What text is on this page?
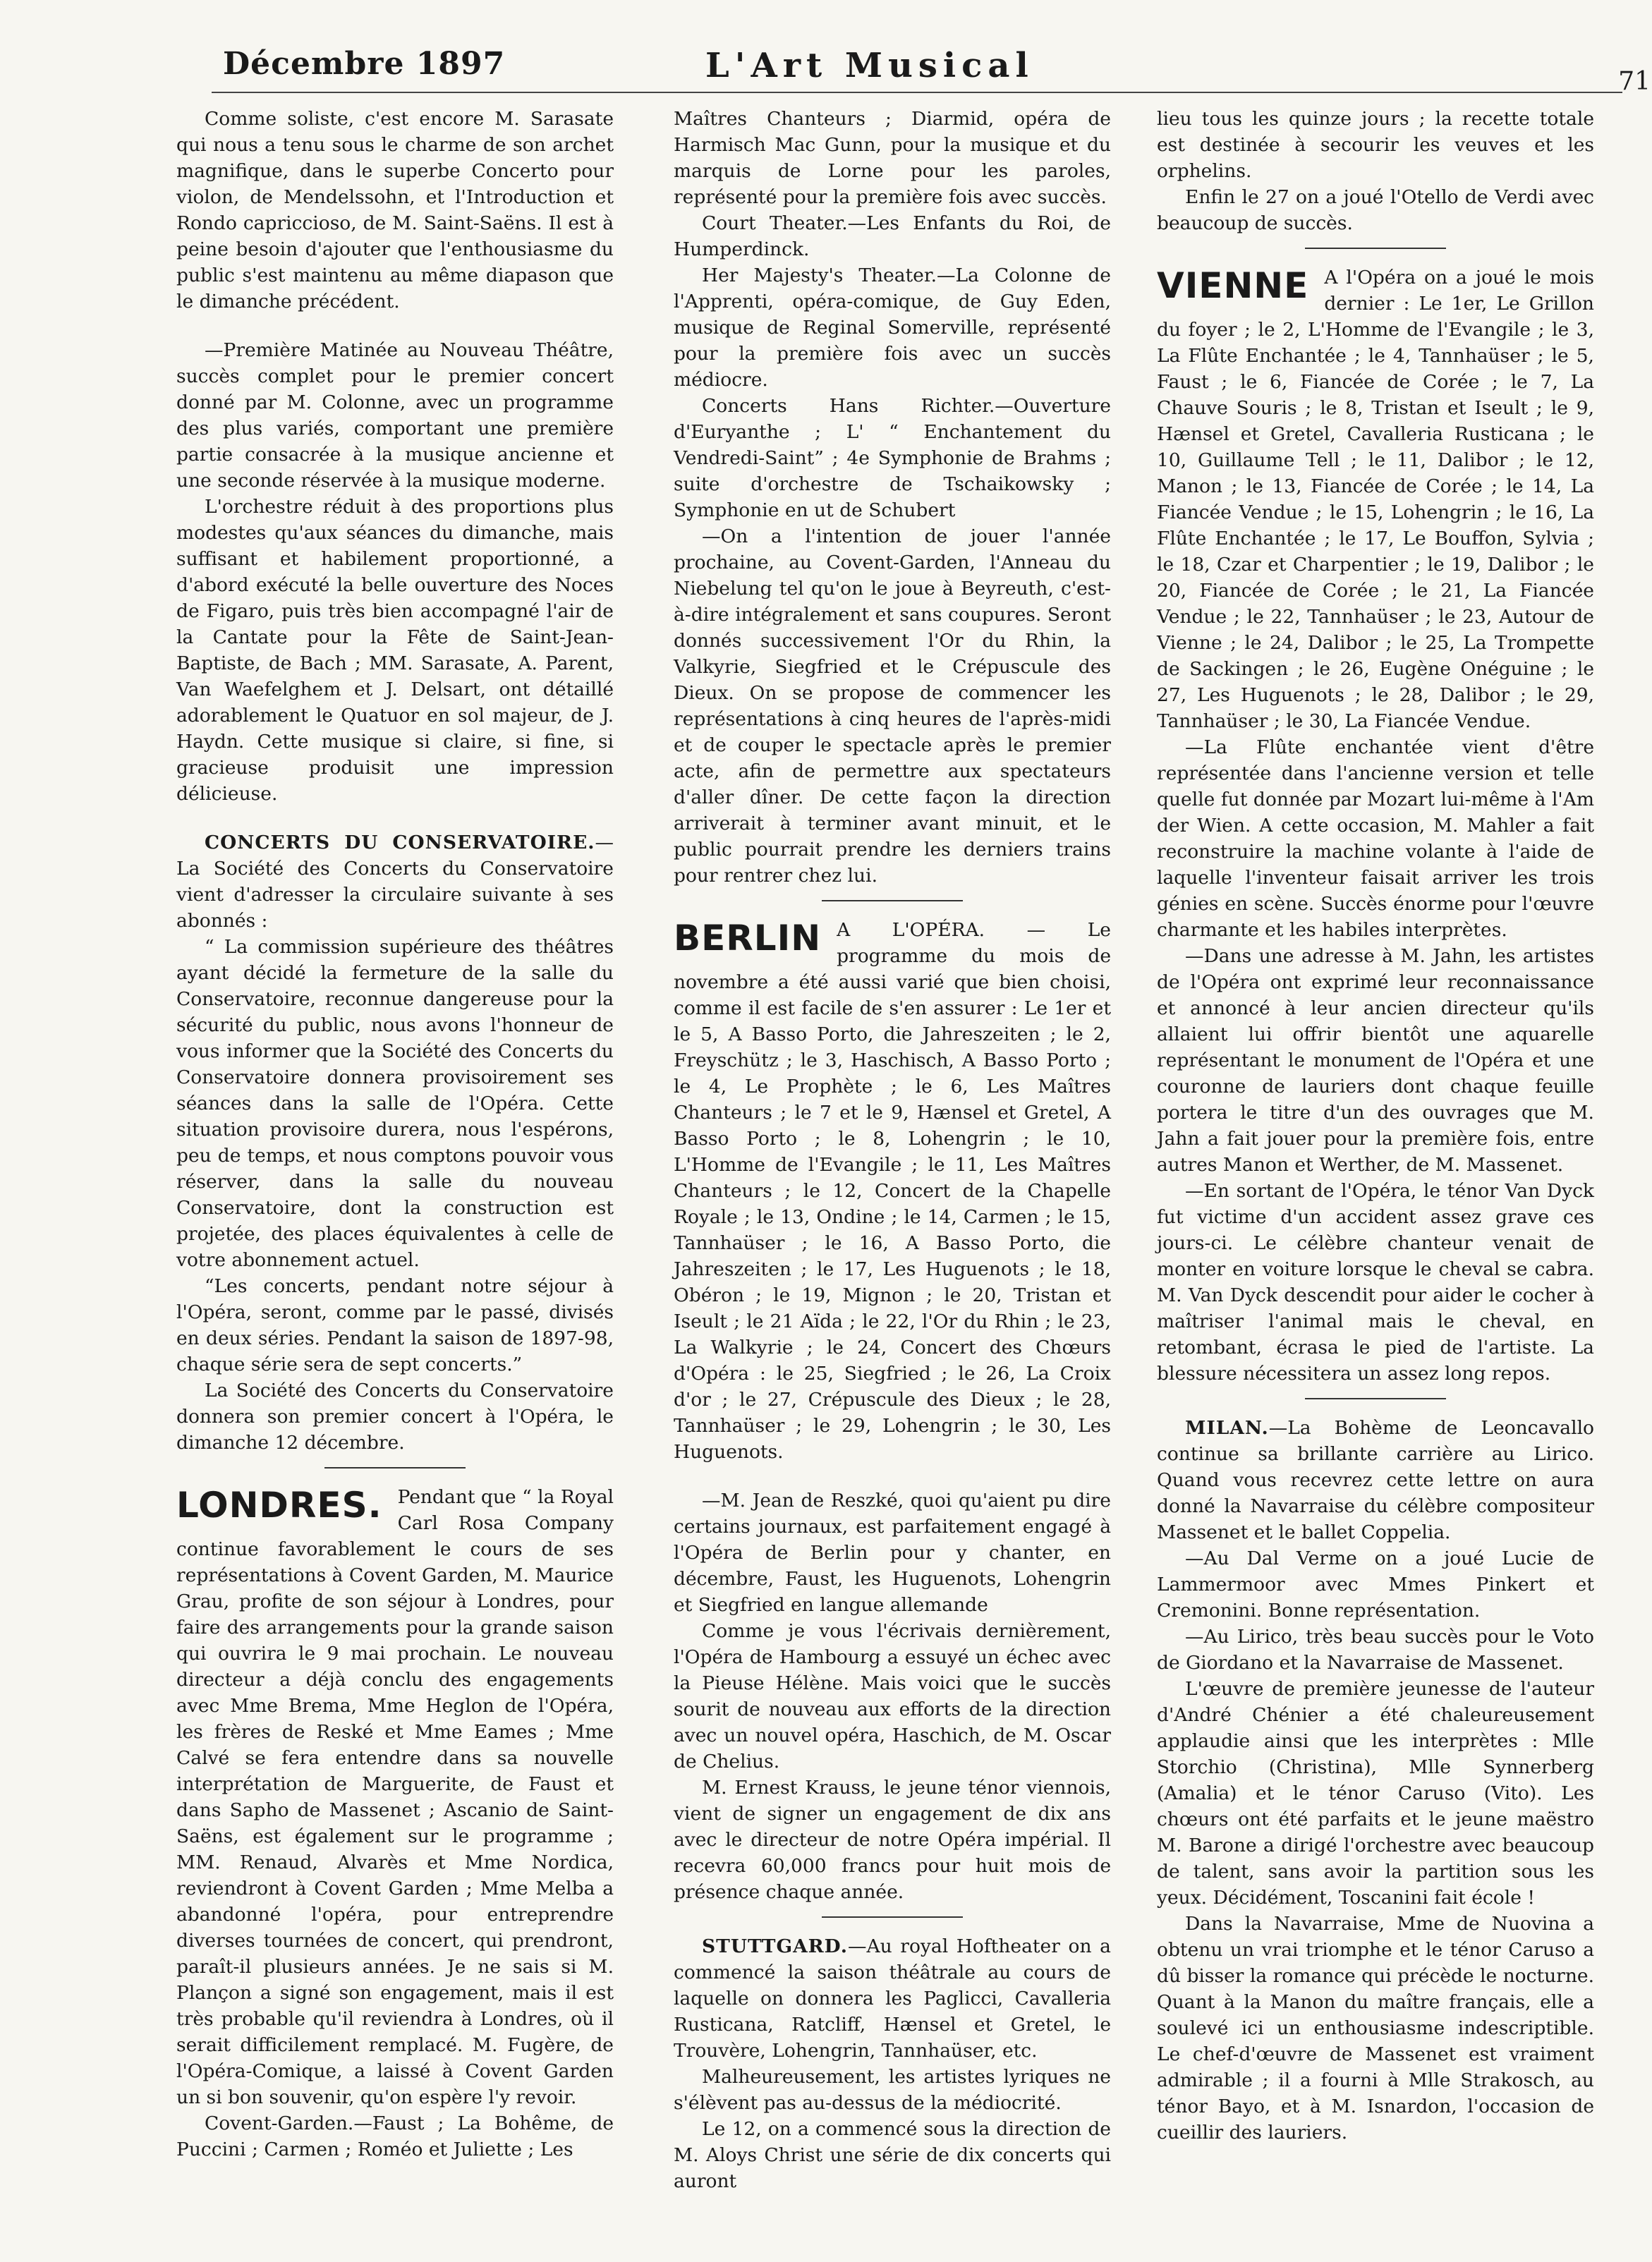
Décembre 1897	L'Art Musical	71

Comme soliste, c'est encore M. Sarasate qui nous a tenu sous le charme de son archet magnifique, dans le superbe Concerto pour violon, de Mendelssohn, et l'Introduction et Rondo capriccioso, de M. Saint-Saëns. Il est à peine besoin d'ajouter que l'enthousiasme du public s'est maintenu au même diapason que le dimanche précédent.

—Première Matinée au Nouveau Théâtre, succès complet pour le premier concert donné par M. Colonne, avec un programme des plus variés, comportant une première partie consacrée à la musique ancienne et une seconde réservée à la musique moderne.

L'orchestre réduit à des proportions plus modestes qu'aux séances du dimanche, mais suffisant et habilement proportionné, a d'abord exécuté la belle ouverture des Noces de Figaro, puis très bien accompagné l'air de la Cantate pour la Fête de Saint-Jean-Baptiste, de Bach ; MM. Sarasate, A. Parent, Van Waefelghem et J. Delsart, ont détaillé adorablement le Quatuor en sol majeur, de J. Haydn. Cette musique si claire, si fine, si gracieuse produisit une impression délicieuse.

CONCERTS DU CONSERVATOIRE.—La Société des Concerts du Conservatoire vient d'adresser la circulaire suivante à ses abonnés :

“ La commission supérieure des théâtres ayant décidé la fermeture de la salle du Conservatoire, reconnue dangereuse pour la sécurité du public, nous avons l'honneur de vous informer que la Société des Concerts du Conservatoire donnera provisoirement ses séances dans la salle de l'Opéra. Cette situation provisoire durera, nous l'espérons, peu de temps, et nous comptons pouvoir vous réserver, dans la salle du nouveau Conservatoire, dont la construction est projetée, des places équivalentes à celle de votre abonnement actuel.

“Les concerts, pendant notre séjour à l'Opéra, seront, comme par le passé, divisés en deux séries. Pendant la saison de 1897-98, chaque série sera de sept concerts.”

La Société des Concerts du Conservatoire donnera son premier concert à l'Opéra, le dimanche 12 décembre.

LONDRES. Pendant que “ la Royal Carl Rosa Company continue favorablement le cours de ses représentations à Covent Garden, M. Maurice Grau, profite de son séjour à Londres, pour faire des arrangements pour la grande saison qui ouvrira le 9 mai prochain. Le nouveau directeur a déjà conclu des engagements avec Mme Brema, Mme Heglon de l'Opéra, les frères de Reské et Mme Eames ; Mme Calvé se fera entendre dans sa nouvelle interprétation de Marguerite, de Faust et dans Sapho de Massenet ; Ascanio de Saint-Saëns, est également sur le programme ; MM. Renaud, Alvarès et Mme Nordica, reviendront à Covent Garden ; Mme Melba a abandonné l'opéra, pour entreprendre diverses tournées de concert, qui prendront, paraît-il plusieurs années. Je ne sais si M. Plançon a signé son engagement, mais il est très probable qu'il reviendra à Londres, où il serait difficilement remplacé. M. Fugère, de l'Opéra-Comique, a laissé à Covent Garden un si bon souvenir, qu'on espère l'y revoir.

Covent-Garden.—Faust ; La Bohême, de Puccini ; Carmen ; Roméo et Juliette ; Les

Maîtres Chanteurs ; Diarmid, opéra de Harmisch Mac Gunn, pour la musique et du marquis de Lorne pour les paroles, représenté pour la première fois avec succès.

Court Theater.—Les Enfants du Roi, de Humperdinck.

Her Majesty's Theater.—La Colonne de l'Apprenti, opéra-comique, de Guy Eden, musique de Reginal Somerville, représenté pour la première fois avec un succès médiocre.

Concerts Hans Richter.—Ouverture d'Euryanthe ; L' “ Enchantement du Vendredi-Saint” ; 4e Symphonie de Brahms ; suite d'orchestre de Tschaikowsky ; Symphonie en ut de Schubert

—On a l'intention de jouer l'année prochaine, au Covent-Garden, l'Anneau du Niebelung tel qu'on le joue à Beyreuth, c'est-à-dire intégralement et sans coupures. Seront donnés successivement l'Or du Rhin, la Valkyrie, Siegfried et le Crépuscule des Dieux. On se propose de commencer les représentations à cinq heures de l'après-midi et de couper le spectacle après le premier acte, afin de permettre aux spectateurs d'aller dîner. De cette façon la direction arriverait à terminer avant minuit, et le public pourrait prendre les derniers trains pour rentrer chez lui.

BERLIN A L'OPÉRA. — Le programme du mois de novembre a été aussi varié que bien choisi, comme il est facile de s'en assurer : Le 1er et le 5, A Basso Porto, die Jahreszeiten ; le 2, Freyschütz ; le 3, Haschisch, A Basso Porto ; le 4, Le Prophète ; le 6, Les Maîtres Chanteurs ; le 7 et le 9, Hænsel et Gretel, A Basso Porto ; le 8, Lohengrin ; le 10, L'Homme de l'Evangile ; le 11, Les Maîtres Chanteurs ; le 12, Concert de la Chapelle Royale ; le 13, Ondine ; le 14, Carmen ; le 15, Tannhaüser ; le 16, A Basso Porto, die Jahreszeiten ; le 17, Les Huguenots ; le 18, Obéron ; le 19, Mignon ; le 20, Tristan et Iseult ; le 21 Aïda ; le 22, l'Or du Rhin ; le 23, La Walkyrie ; le 24, Concert des Chœurs d'Opéra : le 25, Siegfried ; le 26, La Croix d'or ; le 27, Crépuscule des Dieux ; le 28, Tannhaüser ; le 29, Lohengrin ; le 30, Les Huguenots.

—M. Jean de Reszké, quoi qu'aient pu dire certains journaux, est parfaitement engagé à l'Opéra de Berlin pour y chanter, en décembre, Faust, les Huguenots, Lohengrin et Siegfried en langue allemande

Comme je vous l'écrivais dernièrement, l'Opéra de Hambourg a essuyé un échec avec la Pieuse Hélène. Mais voici que le succès sourit de nouveau aux efforts de la direction avec un nouvel opéra, Haschich, de M. Oscar de Chelius.

M. Ernest Krauss, le jeune ténor viennois, vient de signer un engagement de dix ans avec le directeur de notre Opéra impérial. Il recevra 60,000 francs pour huit mois de présence chaque année.

STUTTGARD.—Au royal Hoftheater on a commencé la saison théâtrale au cours de laquelle on donnera les Paglicci, Cavalleria Rusticana, Ratcliff, Hænsel et Gretel, le Trouvère, Lohengrin, Tannhaüser, etc.

Malheureusement, les artistes lyriques ne s'élèvent pas au-dessus de la médiocrité.

Le 12, on a commencé sous la direction de M. Aloys Christ une série de dix concerts qui auront

lieu tous les quinze jours ; la recette totale est destinée à secourir les veuves et les orphelins.

Enfin le 27 on a joué l'Otello de Verdi avec beaucoup de succès.

VIENNE A l'Opéra on a joué le mois dernier : Le 1er, Le Grillon du foyer ; le 2, L'Homme de l'Evangile ; le 3, La Flûte Enchantée ; le 4, Tannhaüser ; le 5, Faust ; le 6, Fiancée de Corée ; le 7, La Chauve Souris ; le 8, Tristan et Iseult ; le 9, Hænsel et Gretel, Cavalleria Rusticana ; le 10, Guillaume Tell ; le 11, Dalibor ; le 12, Manon ; le 13, Fiancée de Corée ; le 14, La Fiancée Vendue ; le 15, Lohengrin ; le 16, La Flûte Enchantée ; le 17, Le Bouffon, Sylvia ; le 18, Czar et Charpentier ; le 19, Dalibor ; le 20, Fiancée de Corée ; le 21, La Fiancée Vendue ; le 22, Tannhaüser ; le 23, Autour de Vienne ; le 24, Dalibor ; le 25, La Trompette de Sackingen ; le 26, Eugène Onéguine ; le 27, Les Huguenots ; le 28, Dalibor ; le 29, Tannhaüser ; le 30, La Fiancée Vendue.

—La Flûte enchantée vient d'être représentée dans l'ancienne version et telle quelle fut donnée par Mozart lui-même à l'Am der Wien. A cette occasion, M. Mahler a fait reconstruire la machine volante à l'aide de laquelle l'inventeur faisait arriver les trois génies en scène. Succès énorme pour l'œuvre charmante et les habiles interprètes.

—Dans une adresse à M. Jahn, les artistes de l'Opéra ont exprimé leur reconnaissance et annoncé à leur ancien directeur qu'ils allaient lui offrir bientôt une aquarelle représentant le monument de l'Opéra et une couronne de lauriers dont chaque feuille portera le titre d'un des ouvrages que M. Jahn a fait jouer pour la première fois, entre autres Manon et Werther, de M. Massenet.

—En sortant de l'Opéra, le ténor Van Dyck fut victime d'un accident assez grave ces jours-ci. Le célèbre chanteur venait de monter en voiture lorsque le cheval se cabra. M. Van Dyck descendit pour aider le cocher à maîtriser l'animal mais le cheval, en retombant, écrasa le pied de l'artiste. La blessure nécessitera un assez long repos.

MILAN.—La Bohème de Leoncavallo continue sa brillante carrière au Lirico. Quand vous recevrez cette lettre on aura donné la Navarraise du célèbre compositeur Massenet et le ballet Coppelia.

—Au Dal Verme on a joué Lucie de Lammermoor avec Mmes Pinkert et Cremonini. Bonne représentation.

—Au Lirico, très beau succès pour le Voto de Giordano et la Navarraise de Massenet.

L'œuvre de première jeunesse de l'auteur d'André Chénier a été chaleureusement applaudie ainsi que les interprètes : Mlle Storchio (Christina), Mlle Synnerberg (Amalia) et le ténor Caruso (Vito). Les chœurs ont été parfaits et le jeune maëstro M. Barone a dirigé l'orchestre avec beaucoup de talent, sans avoir la partition sous les yeux. Décidément, Toscanini fait école !

Dans la Navarraise, Mme de Nuovina a obtenu un vrai triomphe et le ténor Caruso a dû bisser la romance qui précède le nocturne. Quant à la Manon du maître français, elle a soulevé ici un enthousiasme indescriptible. Le chef-d'œuvre de Massenet est vraiment admirable ; il a fourni à Mlle Strakosch, au ténor Bayo, et à M. Isnardon, l'occasion de cueillir des lauriers.
